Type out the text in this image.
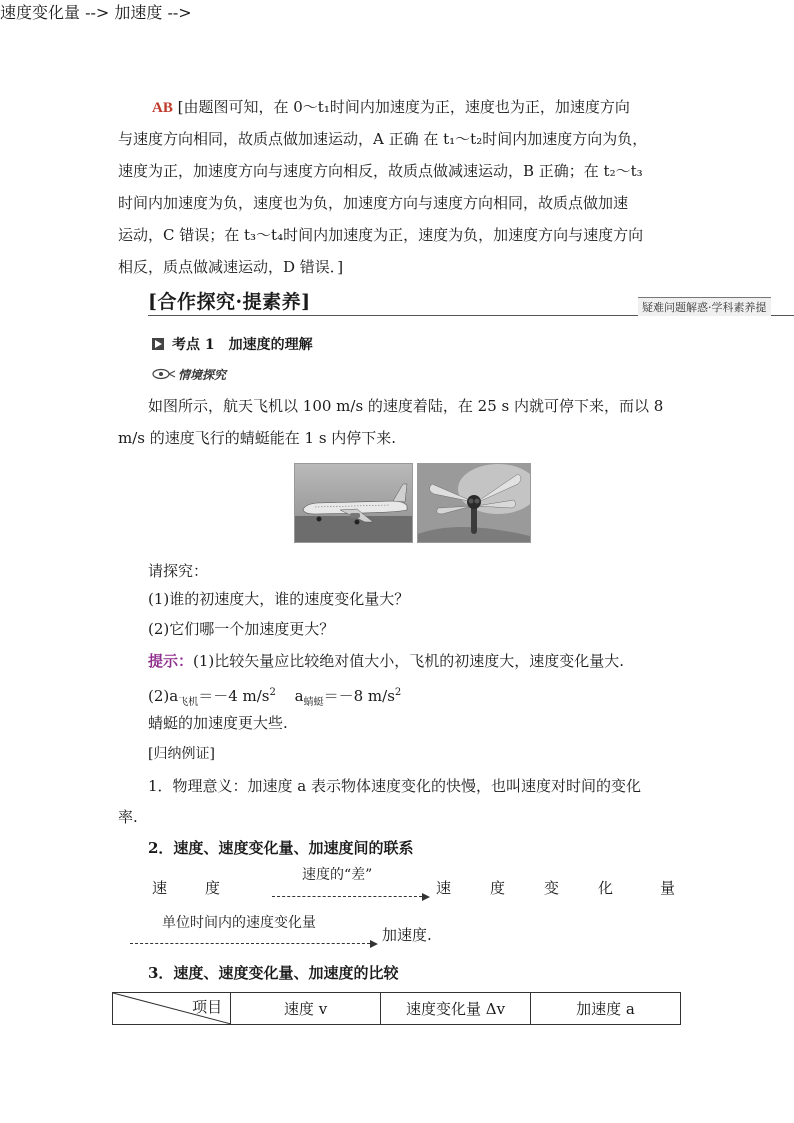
AB [由题图可知，在 0～t₁时间内加速度为正，速度也为正，加速度方向
与速度方向相同，故质点做加速运动，A 正确 在 t₁～t₂时间内加速度方向为负，
速度为正，加速度方向与速度方向相反，故质点做减速运动，B 正确；在 t₂～t₃
时间内加速度为负，速度也为负，加速度方向与速度方向相同，故质点做加速
运动，C 错误；在 t₃～t₄时间内加速度为正，速度为负，加速度方向与速度方向
相反，质点做减速运动，D 错误．]
[合作探究·提素养]	疑难问题解惑·学科素养提
考点 1　加速度的理解
情境探究
如图所示，航天飞机以 100 m/s 的速度着陆，在 25 s 内就可停下来，而以 8
m/s 的速度飞行的蜻蜓能在 1 s 内停下来.
请探究：
(1)谁的初速度大，谁的速度变化量大？
(2)它们哪一个加速度更大？
提示：(1)比较矢量应比较绝对值大小，飞机的初速度大，速度变化量大.
$(2)a_{飞机}=-4$ $m/s^2$ $a_{蜻蜓}=-8$ $m/s^2$
蜻蜓的加速度更大些.
[归纳例证]
1．物理意义：加速度 a 表示物体速度变化的快慢，也叫速度对时间的变化
率.
2．速度、速度变化量、加速度间的联系
速度变化量 -->
速	度
速度的“差”
速	度	变	化	量
加速度 -->
单位时间内的速度变化量
加速度.
3．速度、速度变化量、加速度的比较
项目	速度 v	速度变化量 Δv	加速度 a
